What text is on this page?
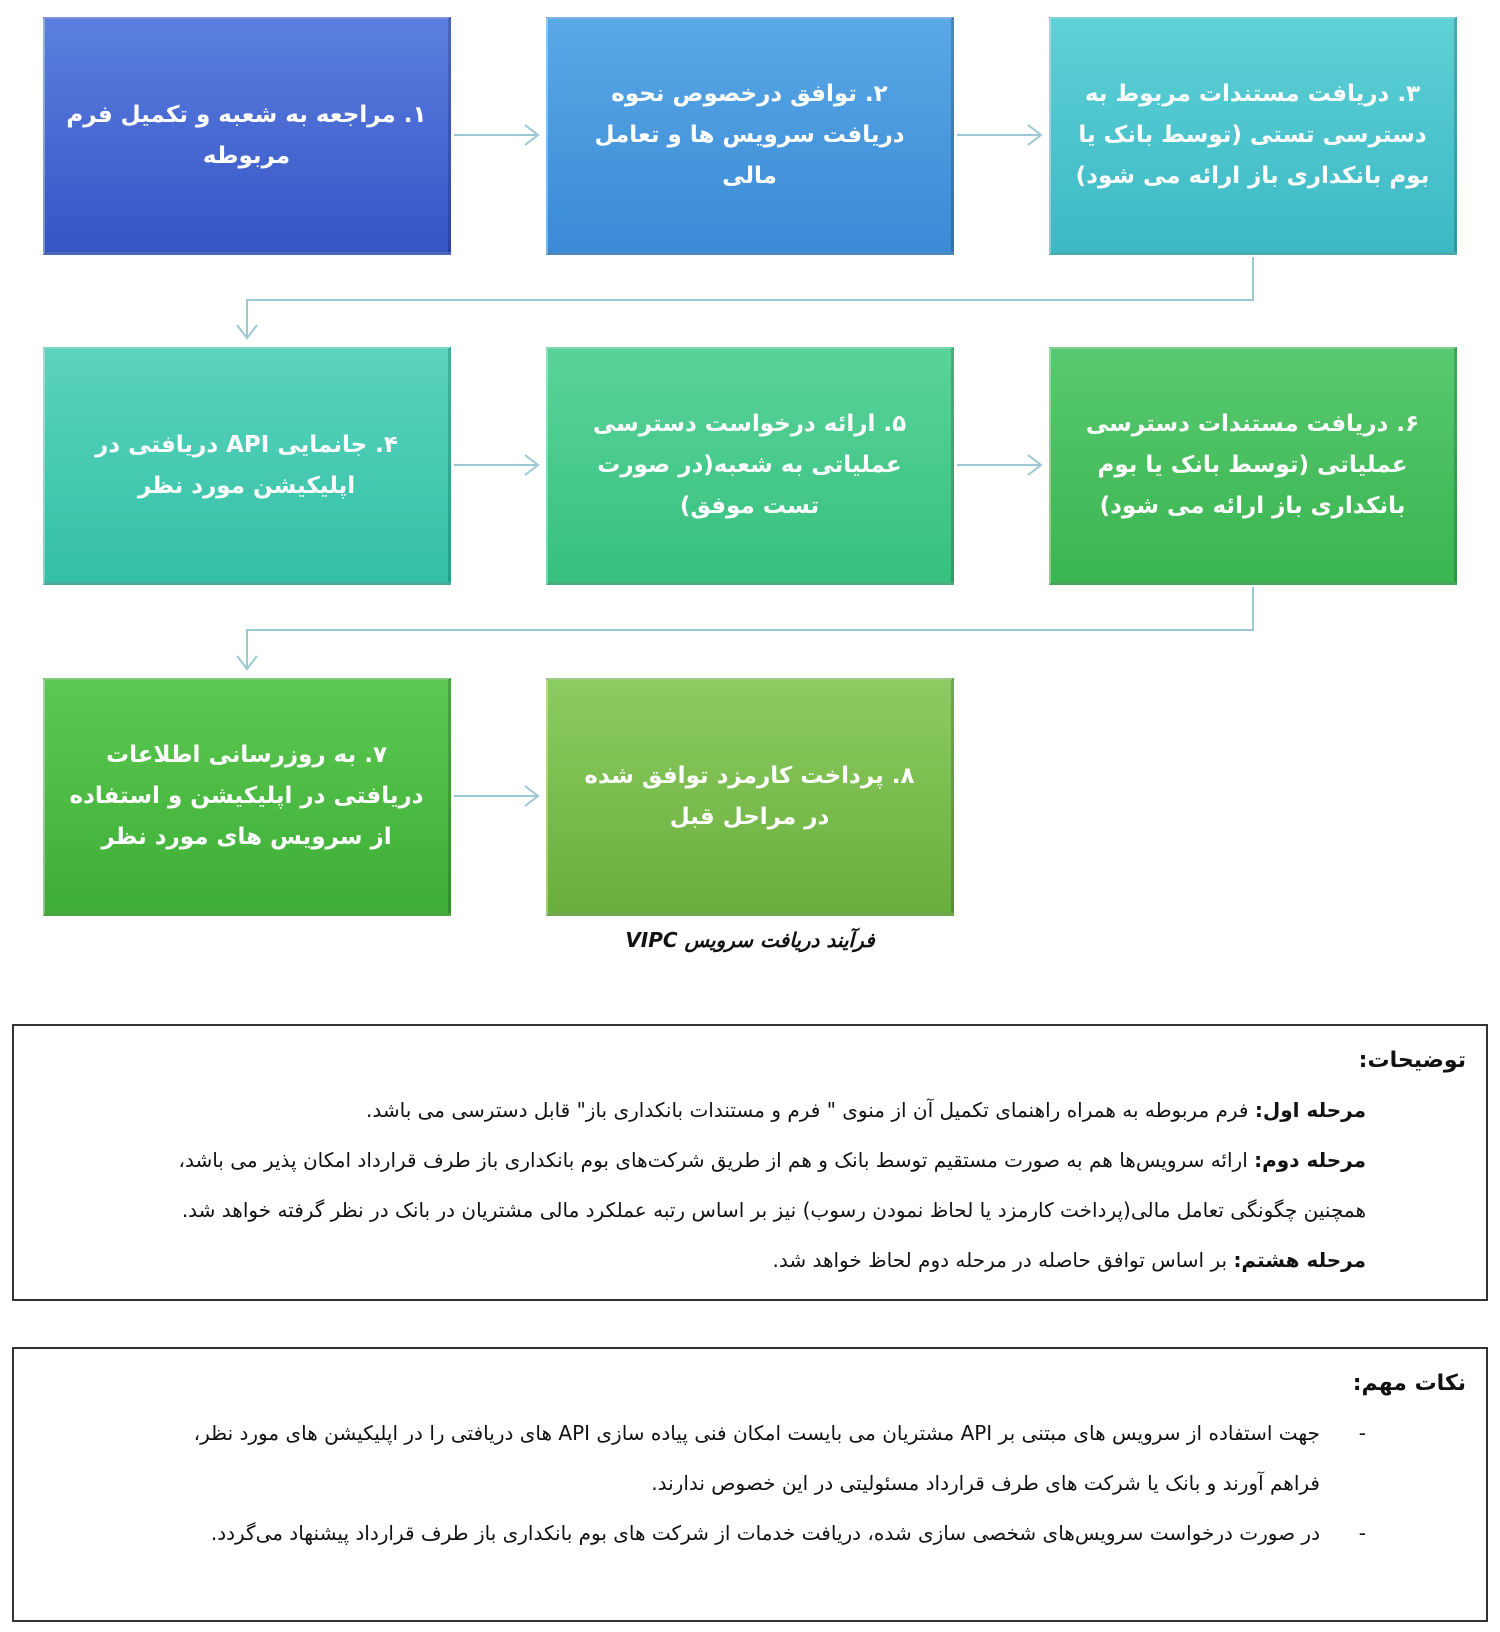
۱. مراجعه به شعبه و تکمیل فرم مربوطه
۲. توافق درخصوص نحوه دریافت سرویس ها و تعامل مالی
۳. دریافت مستندات مربوط به دسترسی تستی (توسط بانک یا بوم بانکداری باز ارائه می شود)
۴. جانمایی API دریافتی در اپلیکیشن مورد نظر
۵. ارائه درخواست دسترسی عملیاتی به شعبه(در صورت تست موفق)
۶. دریافت مستندات دسترسی عملیاتی (توسط بانک یا بوم بانکداری باز ارائه می شود)
۷. به روزرسانی اطلاعات دریافتی در اپلیکیشن و استفاده از سرویس های مورد نظر
۸. پرداخت کارمزد توافق شده در مراحل قبل
فرآیند دریافت سرویس VIPC
توضیحات:
مرحله اول: فرم مربوطه به همراه راهنمای تکمیل آن از منوی " فرم و مستندات بانکداری باز" قابل دسترسی می باشد.
مرحله دوم: ارائه سرویس‌ها هم به صورت مستقیم توسط بانک و هم از طریق شرکت‌های بوم بانکداری باز طرف قرارداد امکان پذیر می باشد،
همچنین چگونگی تعامل مالی(پرداخت کارمزد یا لحاظ نمودن رسوب) نیز بر اساس رتبه عملکرد مالی مشتریان در بانک در نظر گرفته خواهد شد.
مرحله هشتم: بر اساس توافق حاصله در مرحله دوم لحاظ خواهد شد.
نکات مهم:
-
جهت استفاده از سرویس های مبتنی بر API مشتریان می بایست امکان فنی پیاده سازی API های دریافتی را در اپلیکیشن های مورد نظر،
فراهم آورند و بانک یا شرکت های طرف قرارداد مسئولیتی در این خصوص ندارند.
-
در صورت درخواست سرویس‌های شخصی سازی شده، دریافت خدمات از شرکت های بوم بانکداری باز طرف قرارداد پیشنهاد می‌گردد.
